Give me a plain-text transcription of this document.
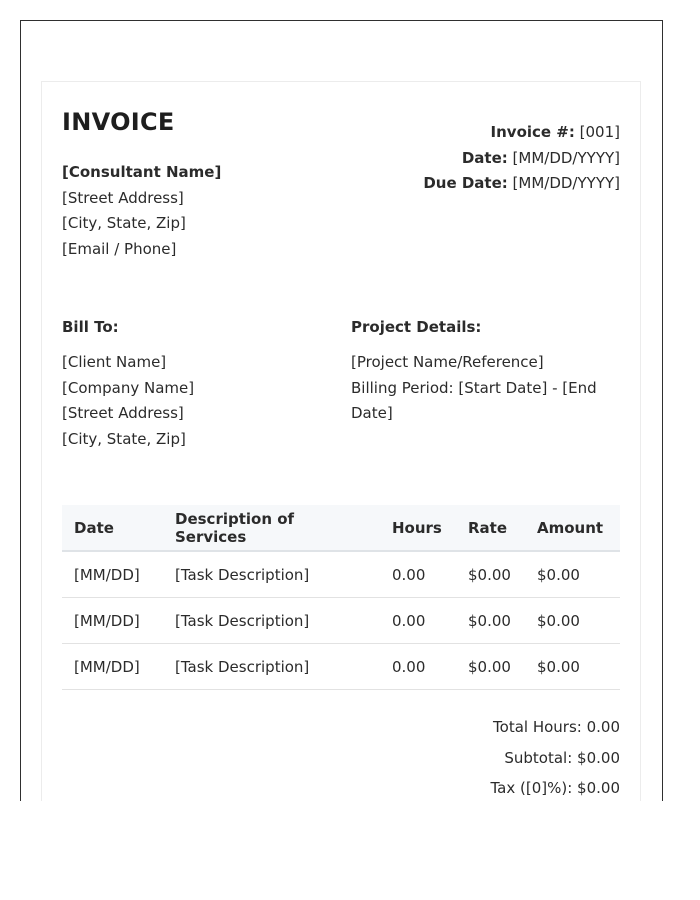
INVOICE
[Consultant Name]
[Street Address]
[City, State, Zip]
[Email / Phone]
Invoice #: [001]
Date: [MM/DD/YYYY]
Due Date: [MM/DD/YYYY]
Bill To:
[Client Name]
[Company Name]
[Street Address]
[City, State, Zip]
Project Details:
[Project Name/Reference]
Billing Period: [Start Date] - [End Date]
Date	Description of Services	Hours	Rate	Amount
[MM/DD]	[Task Description]	0.00	$0.00	$0.00
[MM/DD]	[Task Description]	0.00	$0.00	$0.00
[MM/DD]	[Task Description]	0.00	$0.00	$0.00
Total Hours: 0.00
Subtotal: $0.00
Tax ([0]%): $0.00
